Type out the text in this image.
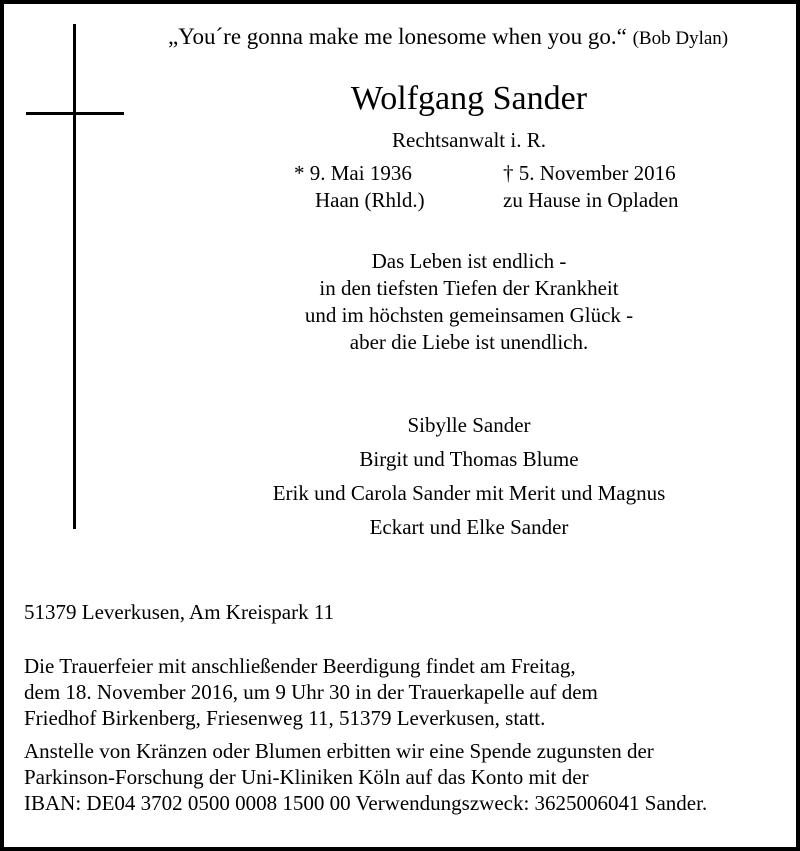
„You´re gonna make me lonesome when you go.“ (Bob Dylan)
Wolfgang Sander
Rechtsanwalt i. R.
* 9. Mai 1936
Haan (Rhld.)
† 5. November 2016
zu Hause in Opladen
Das Leben ist endlich -
in den tiefsten Tiefen der Krankheit
und im höchsten gemeinsamen Glück -
aber die Liebe ist unendlich.
Sibylle Sander
Birgit und Thomas Blume
Erik und Carola Sander mit Merit und Magnus
Eckart und Elke Sander
51379 Leverkusen, Am Kreispark 11
Die Trauerfeier mit anschließender Beerdigung findet am Freitag,
dem 18. November 2016, um 9 Uhr 30 in der Trauerkapelle auf dem
Friedhof Birkenberg, Friesenweg 11, 51379 Leverkusen, statt.
Anstelle von Kränzen oder Blumen erbitten wir eine Spende zugunsten der
Parkinson-Forschung der Uni-Kliniken Köln auf das Konto mit der
IBAN: DE04 3702 0500 0008 1500 00 Verwendungszweck: 3625006041 Sander.
